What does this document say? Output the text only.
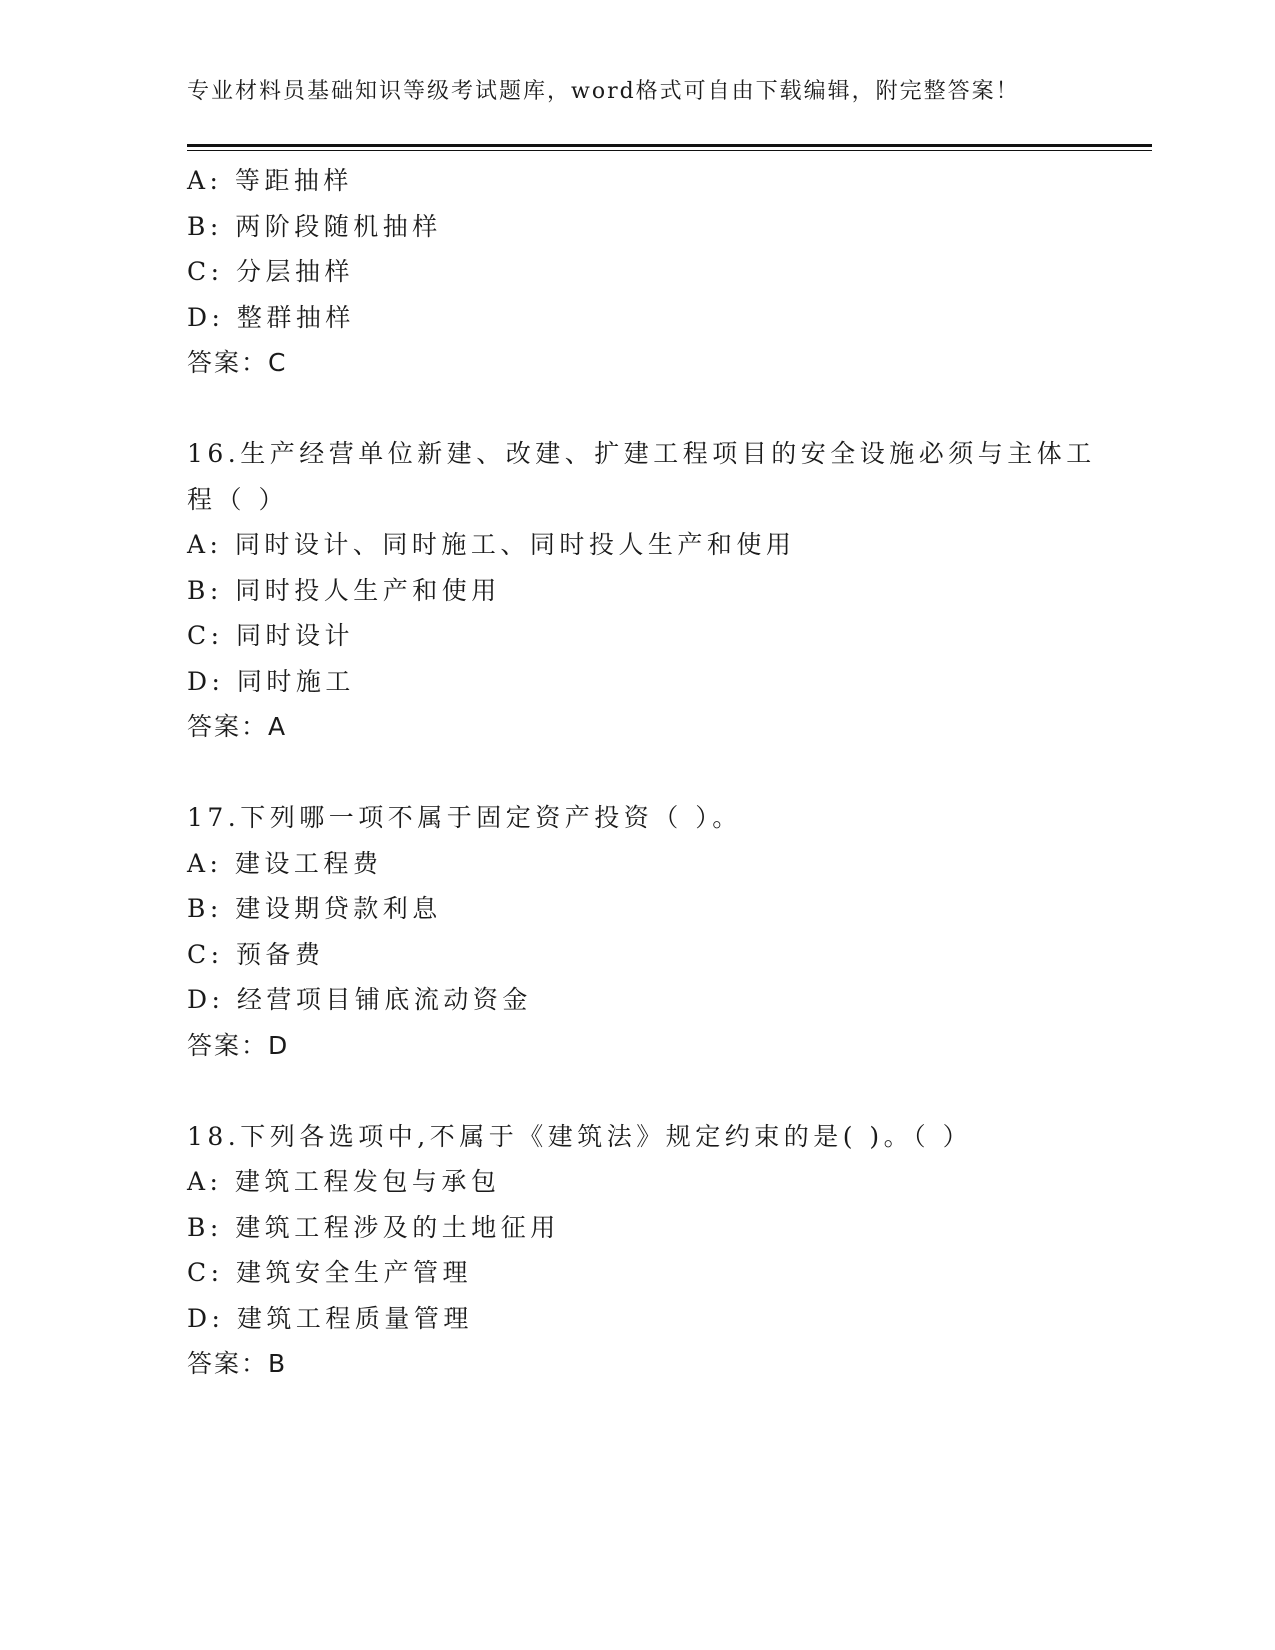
专业材料员基础知识等级考试题库，word格式可自由下载编辑，附完整答案！
A: 等距抽样
B: 两阶段随机抽样
C: 分层抽样
D: 整群抽样
答案：C
16.生产经营单位新建、改建、扩建工程项目的安全设施必须与主体工
程（ ）
A: 同时设计、同时施工、同时投人生产和使用
B: 同时投人生产和使用
C: 同时设计
D: 同时施工
答案：A
17.下列哪一项不属于固定资产投资（ ）。
A: 建设工程费
B: 建设期贷款利息
C: 预备费
D: 经营项目铺底流动资金
答案：D
18.下列各选项中,不属于《建筑法》规定约束的是( )。（ ）
A: 建筑工程发包与承包
B: 建筑工程涉及的土地征用
C: 建筑安全生产管理
D: 建筑工程质量管理
答案：B
